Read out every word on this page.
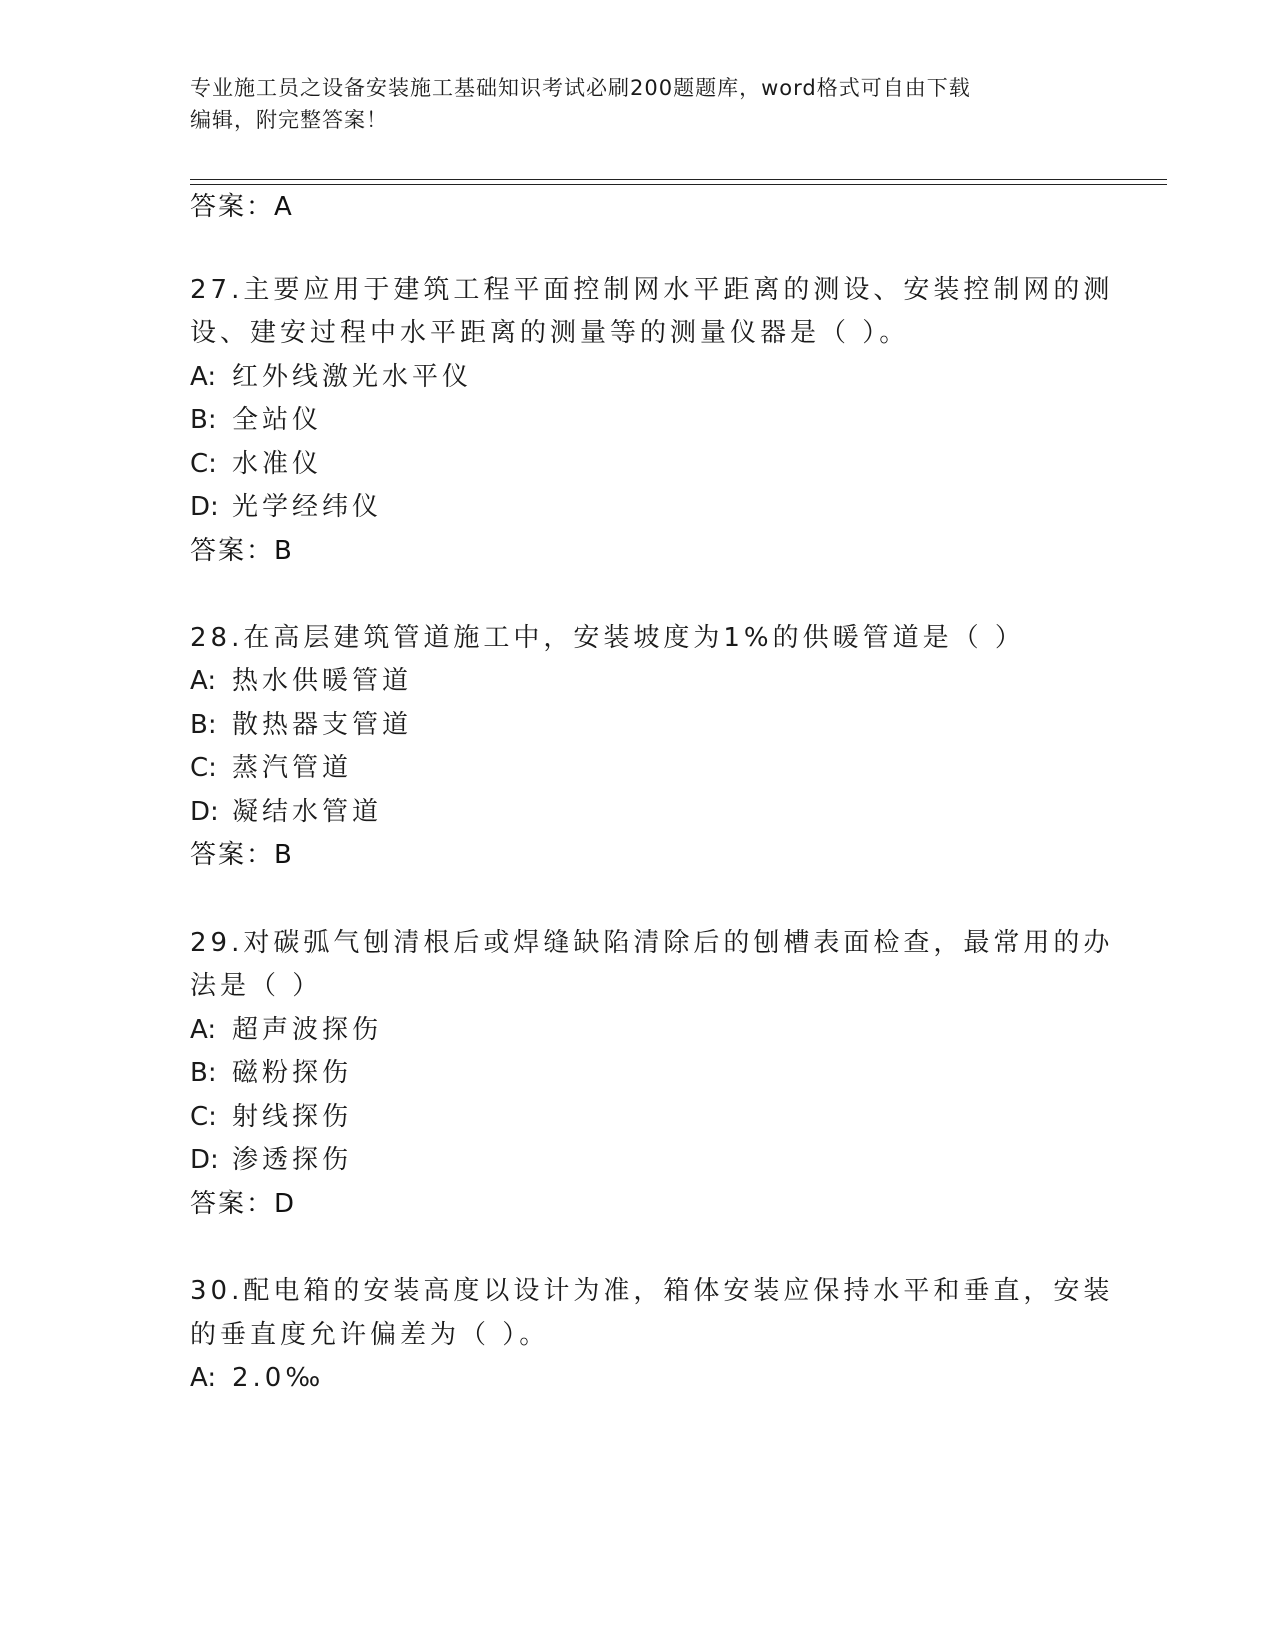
专业施工员之设备安装施工基础知识考试必刷200题题库，word格式可自由下载
编辑，附完整答案！
答案：A
27.主要应用于建筑工程平面控制网水平距离的测设、安装控制网的测
设、建安过程中水平距离的测量等的测量仪器是（ ）。
A: 红外线激光水平仪
B: 全站仪
C: 水准仪
D: 光学经纬仪
答案：B
28.在高层建筑管道施工中，安装坡度为1%的供暖管道是（ ）
A: 热水供暖管道
B: 散热器支管道
C: 蒸汽管道
D: 凝结水管道
答案：B
29.对碳弧气刨清根后或焊缝缺陷清除后的刨槽表面检查，最常用的办
法是（ ）
A: 超声波探伤
B: 磁粉探伤
C: 射线探伤
D: 渗透探伤
答案：D
30.配电箱的安装高度以设计为准，箱体安装应保持水平和垂直，安装
的垂直度允许偏差为（ ）。
A: 2.0‰
